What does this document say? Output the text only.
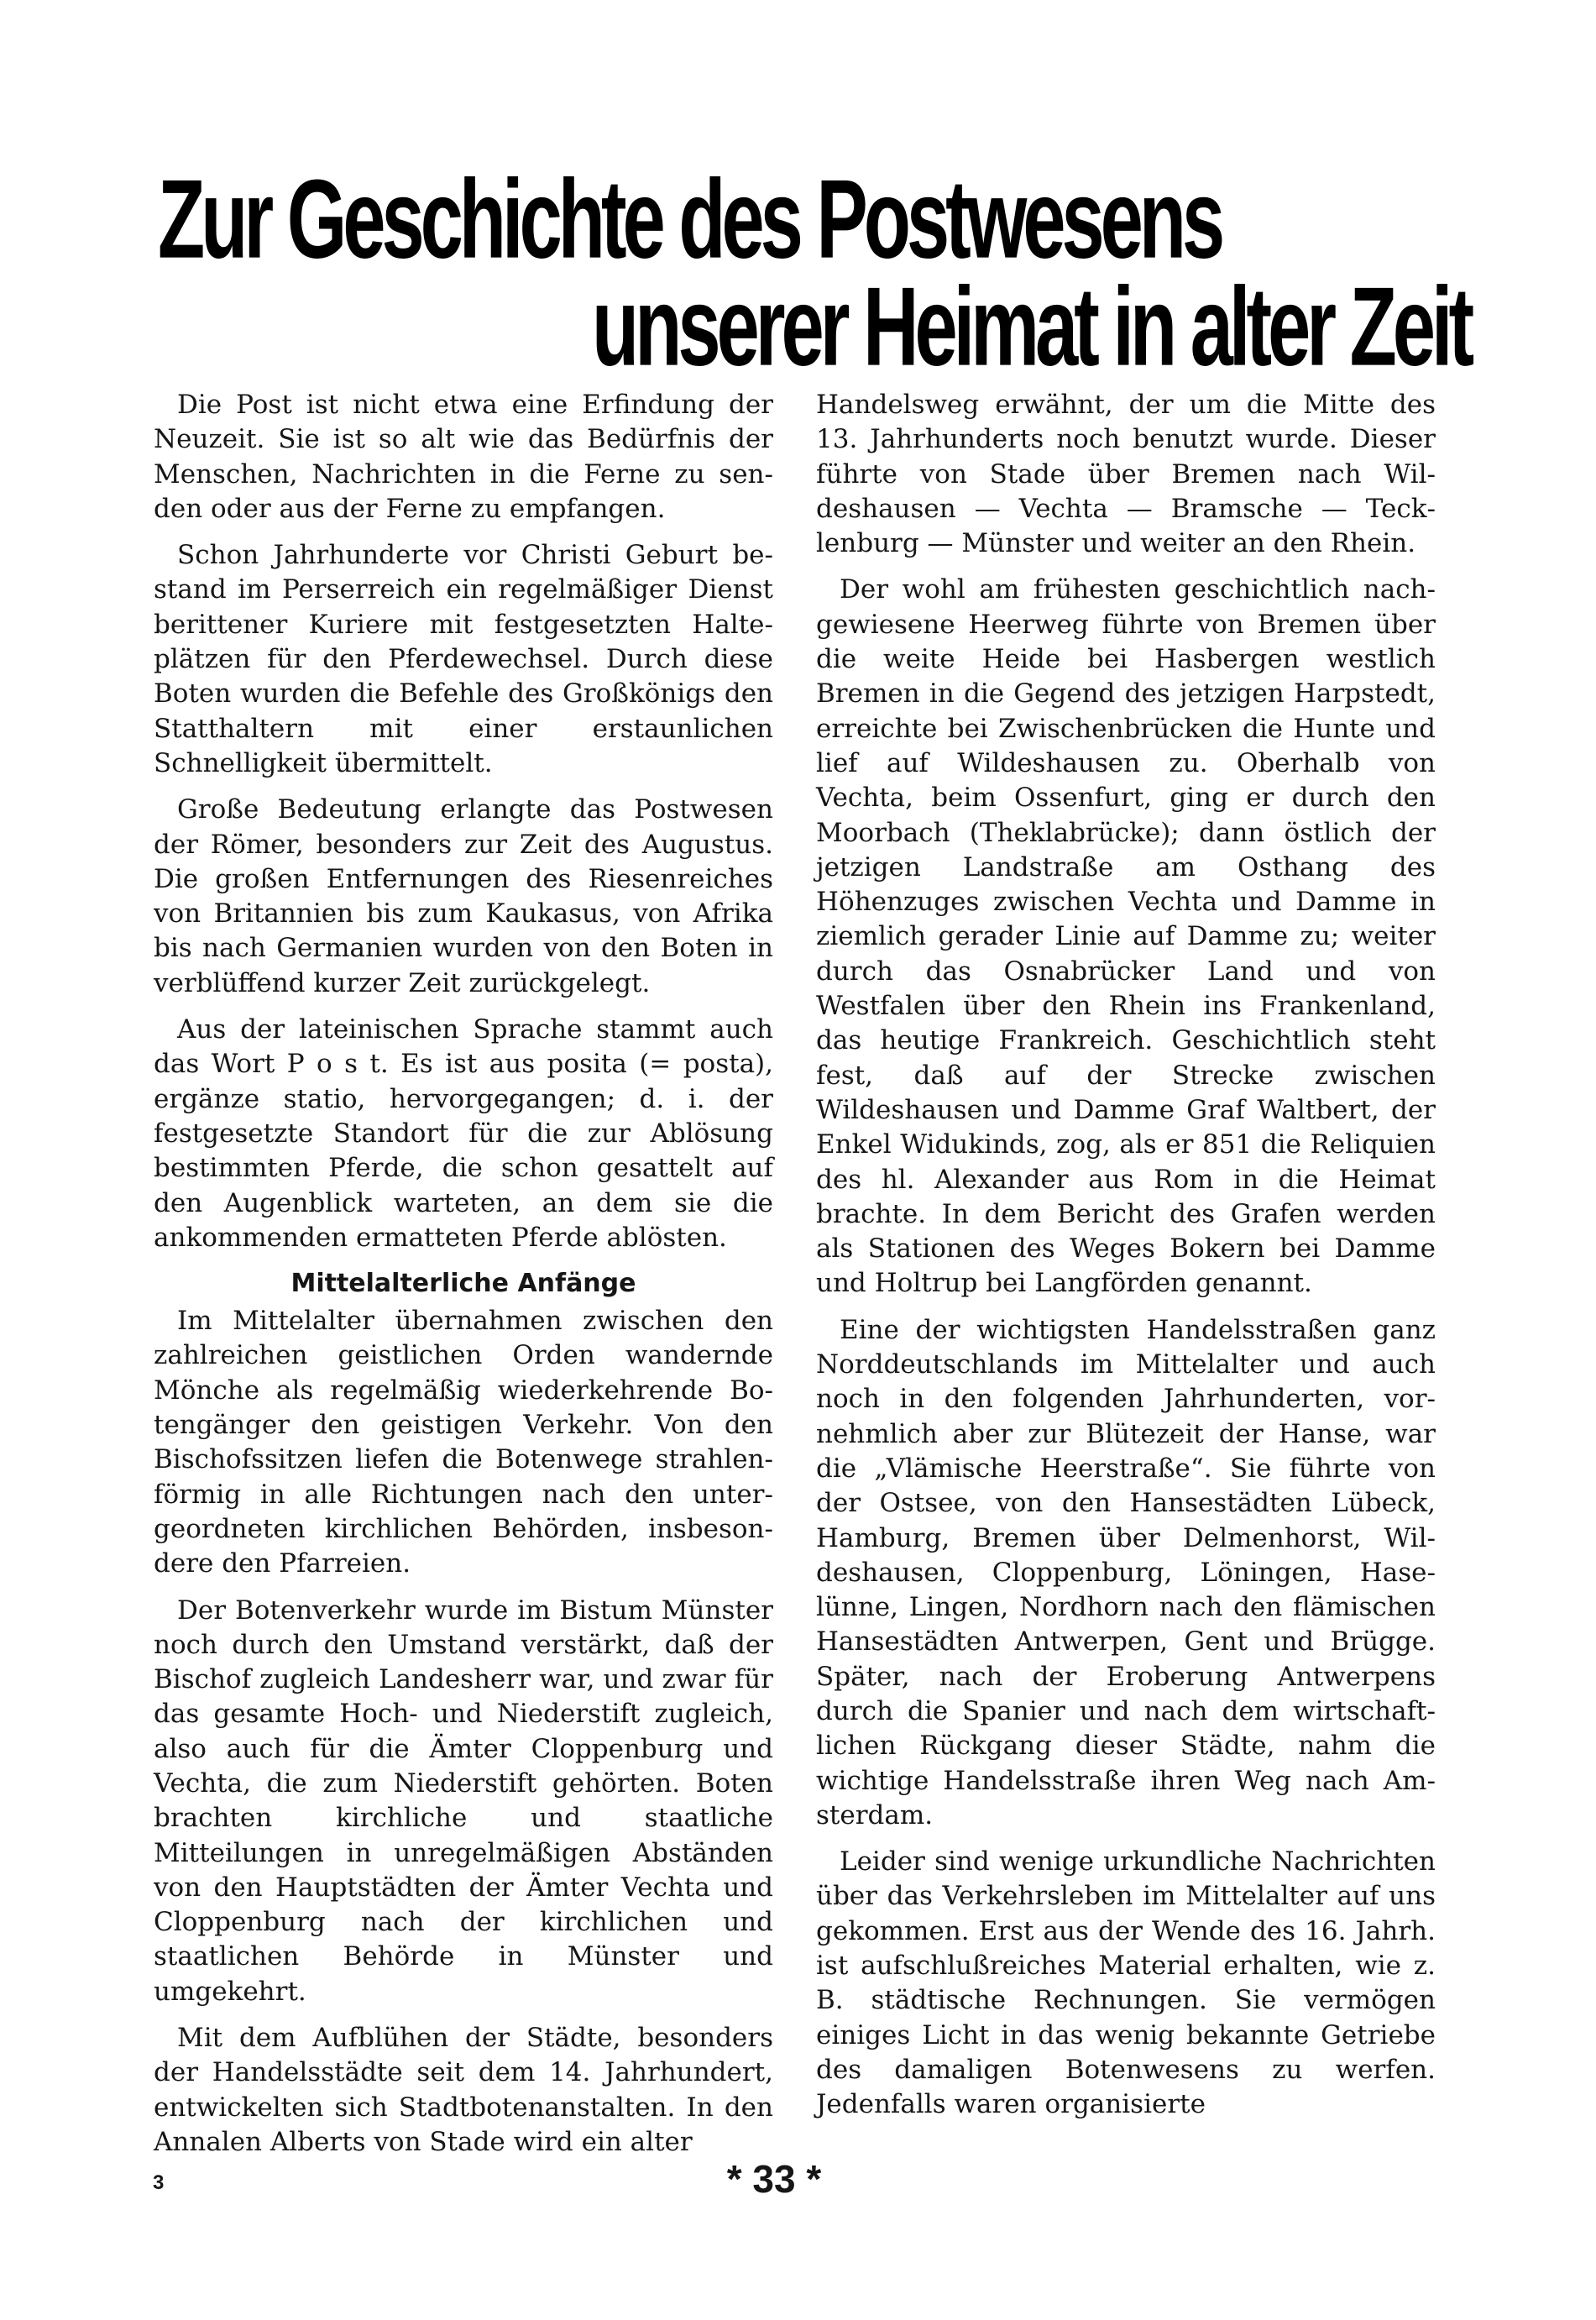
Zur Geschichte des Postwesens
unserer Heimat in alter Zeit

Die Post ist nicht etwa eine Erfindung der Neuzeit. Sie ist so alt wie das Bedürfnis der Menschen, Nachrichten in die Ferne zu senden oder aus der Ferne zu empfangen.

Schon Jahrhunderte vor Christi Geburt bestand im Perserreich ein regelmäßiger Dienst berittener Kuriere mit festgesetzten Halteplätzen für den Pferdewechsel. Durch diese Boten wurden die Befehle des Großkönigs den Statthaltern mit einer erstaunlichen Schnelligkeit übermittelt.

Große Bedeutung erlangte das Postwesen der Römer, besonders zur Zeit des Augustus. Die großen Entfernungen des Riesenreiches von Britannien bis zum Kaukasus, von Afrika bis nach Germanien wurden von den Boten in verblüffend kurzer Zeit zurückgelegt.

Aus der lateinischen Sprache stammt auch das Wort P o s t. Es ist aus posita (= posta), ergänze statio, hervorgegangen; d. i. der festgesetzte Standort für die zur Ablösung bestimmten Pferde, die schon gesattelt auf den Augenblick warteten, an dem sie die ankommenden ermatteten Pferde ablösten.

Mittelalterliche Anfänge

Im Mittelalter übernahmen zwischen den zahlreichen geistlichen Orden wandernde Mönche als regelmäßig wiederkehrende Botengänger den geistigen Verkehr. Von den Bischofssitzen liefen die Botenwege strahlenförmig in alle Richtungen nach den untergeordneten kirchlichen Behörden, insbesondere den Pfarreien.

Der Botenverkehr wurde im Bistum Münster noch durch den Umstand verstärkt, daß der Bischof zugleich Landesherr war, und zwar für das gesamte Hoch- und Niederstift zugleich, also auch für die Ämter Cloppenburg und Vechta, die zum Niederstift gehörten. Boten brachten kirchliche und staatliche Mitteilungen in unregelmäßigen Abständen von den Hauptstädten der Ämter Vechta und Cloppenburg nach der kirchlichen und staatlichen Behörde in Münster und umgekehrt.

Mit dem Aufblühen der Städte, besonders der Handelsstädte seit dem 14. Jahrhundert, entwickelten sich Stadtbotenanstalten. In den Annalen Alberts von Stade wird ein alter

Handelsweg erwähnt, der um die Mitte des 13. Jahrhunderts noch benutzt wurde. Dieser führte von Stade über Bremen nach Wildeshausen — Vechta — Bramsche — Tecklenburg — Münster und weiter an den Rhein.

Der wohl am frühesten geschichtlich nachgewiesene Heerweg führte von Bremen über die weite Heide bei Hasbergen westlich Bremen in die Gegend des jetzigen Harpstedt, erreichte bei Zwischenbrücken die Hunte und lief auf Wildeshausen zu. Oberhalb von Vechta, beim Ossenfurt, ging er durch den Moorbach (Theklabrücke); dann östlich der jetzigen Landstraße am Osthang des Höhenzuges zwischen Vechta und Damme in ziemlich gerader Linie auf Damme zu; weiter durch das Osnabrücker Land und von Westfalen über den Rhein ins Frankenland, das heutige Frankreich. Geschichtlich steht fest, daß auf der Strecke zwischen Wildeshausen und Damme Graf Waltbert, der Enkel Widukinds, zog, als er 851 die Reliquien des hl. Alexander aus Rom in die Heimat brachte. In dem Bericht des Grafen werden als Stationen des Weges Bokern bei Damme und Holtrup bei Langförden genannt.

Eine der wichtigsten Handelsstraßen ganz Norddeutschlands im Mittelalter und auch noch in den folgenden Jahrhunderten, vornehmlich aber zur Blütezeit der Hanse, war die „Vlämische Heerstraße“. Sie führte von der Ostsee, von den Hansestädten Lübeck, Hamburg, Bremen über Delmenhorst, Wildeshausen, Cloppenburg, Löningen, Haselünne, Lingen, Nordhorn nach den flämischen Hansestädten Antwerpen, Gent und Brügge. Später, nach der Eroberung Antwerpens durch die Spanier und nach dem wirtschaftlichen Rückgang dieser Städte, nahm die wichtige Handelsstraße ihren Weg nach Amsterdam.

Leider sind wenige urkundliche Nachrichten über das Verkehrsleben im Mittelalter auf uns gekommen. Erst aus der Wende des 16. Jahrh. ist aufschlußreiches Material erhalten, wie z. B. städtische Rechnungen. Sie vermögen einiges Licht in das wenig bekannte Getriebe des damaligen Botenwesens zu werfen. Jedenfalls waren organisierte

3	* 33 *
